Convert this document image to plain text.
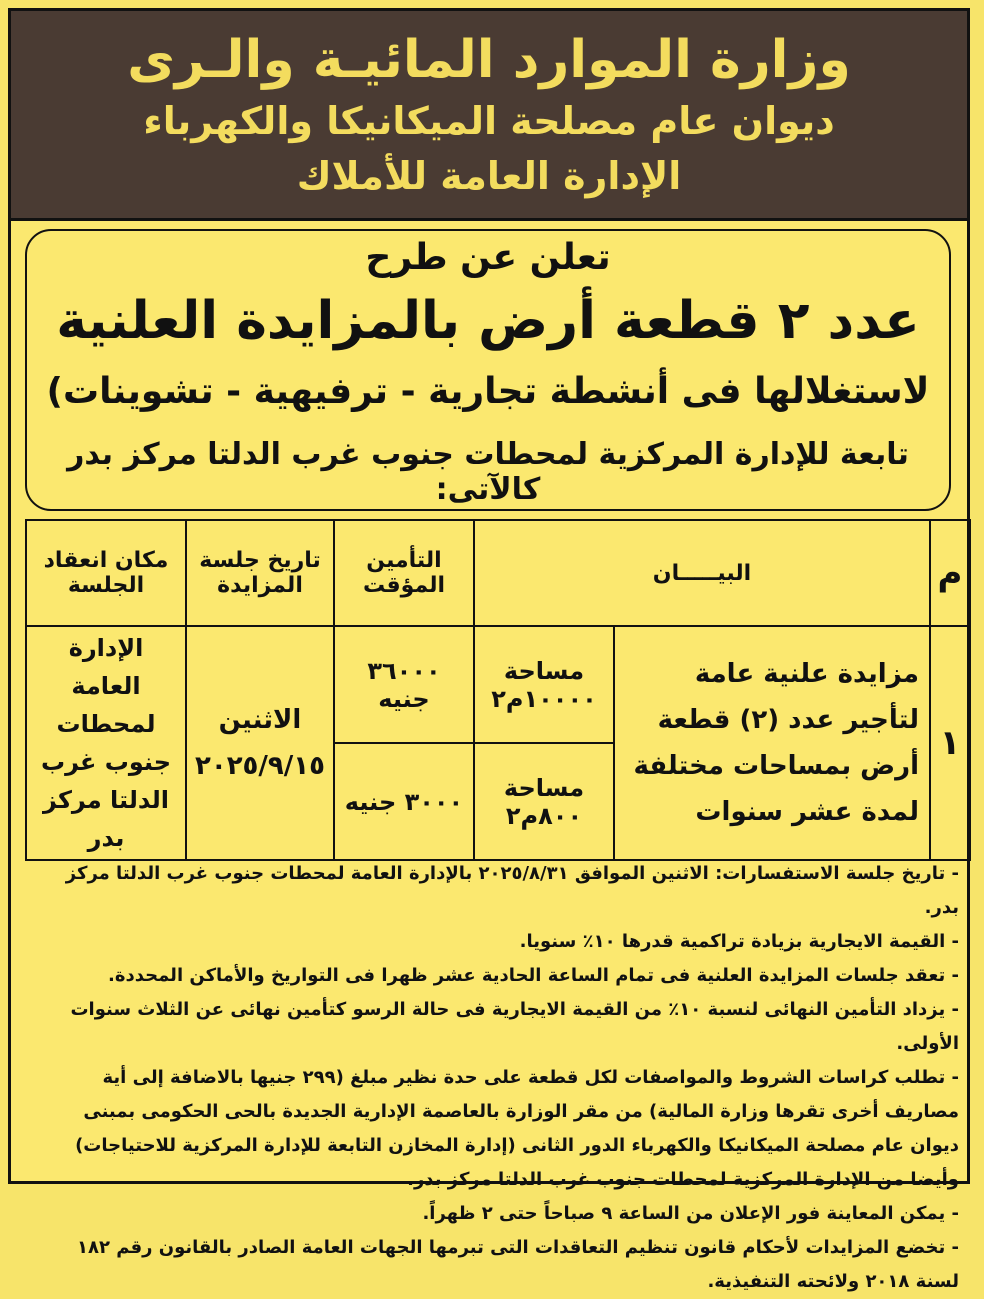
وزارة الموارد المائيـة والـرى
ديوان عام مصلحة الميكانيكا والكهرباء
الإدارة العامة للأملاك
تعلن عن طرح
عدد ٢ قطعة أرض بالمزايدة العلنية
لاستغلالها فى أنشطة تجارية - ترفيهية - تشوينات)
تابعة للإدارة المركزية لمحطات جنوب غرب الدلتا مركز بدر كالآتى:
م	البيـــــان		التأمين المؤقت	تاريخ جلسة المزايدة	مكان انعقاد الجلسة
١	مزايدة علنية عامة لتأجير عدد (٢) قطعة أرض بمساحات مختلفة لمدة عشر سنوات	مساحة ١٠٠٠٠م٢	٣٦٠٠٠ جنيه	الاثنين ٢٠٢٥/٩/١٥	الإدارة العامة لمحطات جنوب غرب الدلتا مركز بدر
		مساحة ٨٠٠م٢	٣٠٠٠ جنيه		

- تاريخ جلسة الاستفسارات: الاثنين الموافق ٢٠٢٥/٨/٣١ بالإدارة العامة لمحطات جنوب غرب الدلتا مركز بدر.

- القيمة الايجارية بزيادة تراكمية قدرها ١٠٪ سنويا.

- تعقد جلسات المزايدة العلنية فى تمام الساعة الحادية عشر ظهرا فى التواريخ والأماكن المحددة.

- يزداد التأمين النهائى لنسبة ١٠٪ من القيمة الايجارية فى حالة الرسو كتأمين نهائى عن الثلاث سنوات الأولى.

- تطلب كراسات الشروط والمواصفات لكل قطعة على حدة نظير مبلغ (٢٩٩ جنيها بالاضافة إلى أية مصاريف أخرى تقرها وزارة المالية) من مقر الوزارة بالعاصمة الإدارية الجديدة بالحى الحكومى بمبنى ديوان عام مصلحة الميكانيكا والكهرباء الدور الثانى (إدارة المخازن التابعة للإدارة المركزية للاحتياجات) وأيضا من الإدارة المركزية لمحطات جنوب غرب الدلتا مركز بدر.

- يمكن المعاينة فور الإعلان من الساعة ٩ صباحاً حتى ٢ ظهراً.

- تخضع المزايدات لأحكام قانون تنظيم التعاقدات التى تبرمها الجهات العامة الصادر بالقانون رقم ١٨٢ لسنة ٢٠١٨ ولائحته التنفيذية.
